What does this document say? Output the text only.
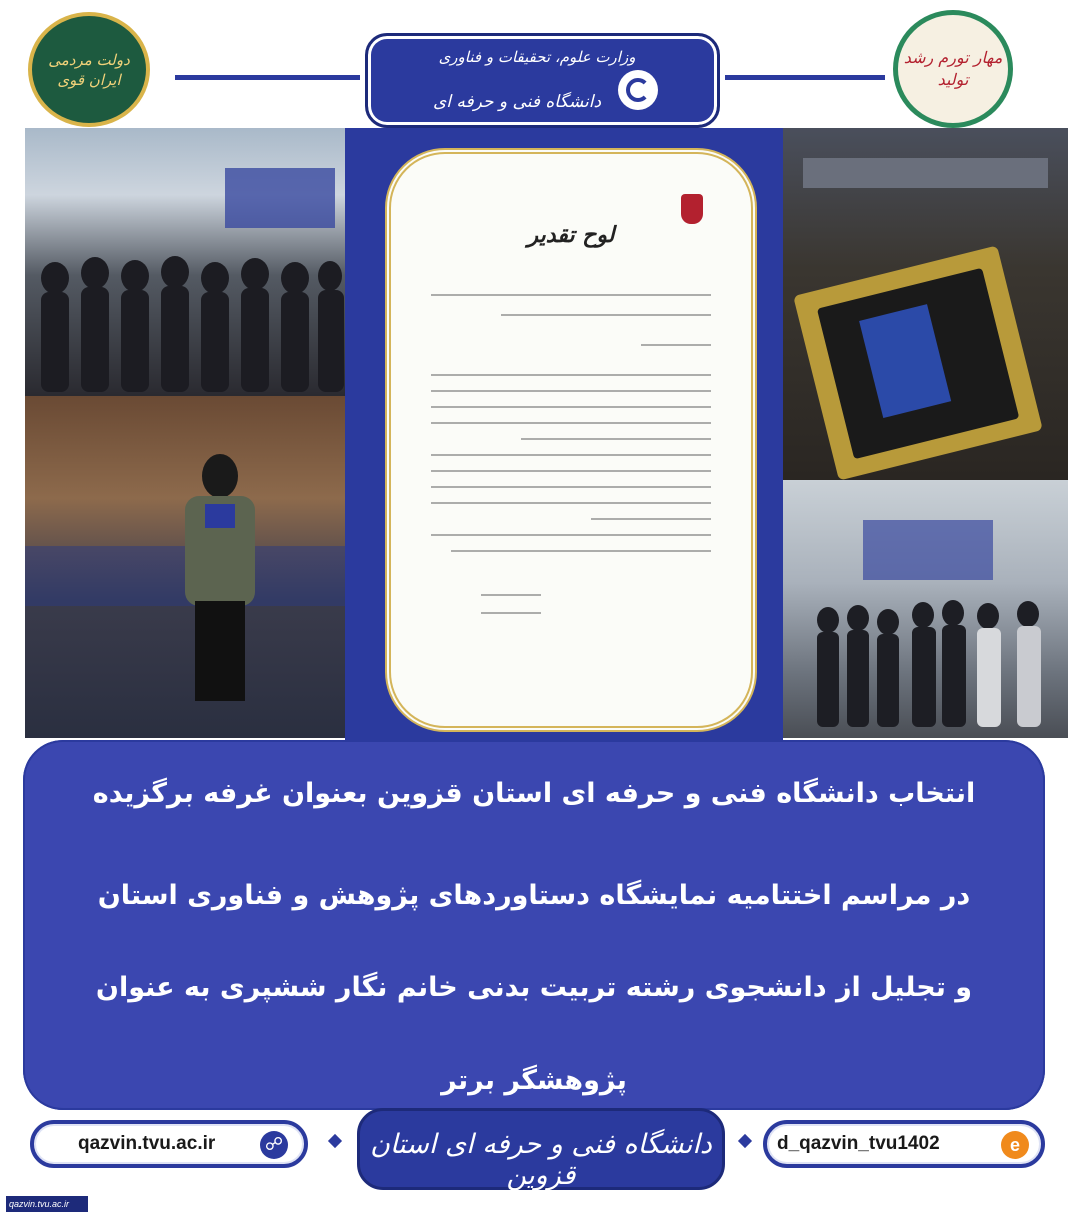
دولت مردمی ایران قوی
وزارت علوم، تحقیقات و فناوری
دانشگاه فنی و حرفه ای
مهار تورم رشد تولید
لوح تقدیر
انتخاب دانشگاه فنی و حرفه ای استان قزوین بعنوان غرفه برگزیده
در مراسم اختتامیه نمایشگاه دستاوردهای پژوهش و فناوری استان
و تجلیل از دانشجوی رشته تربیت بدنی خانم نگار ششپری به عنوان
پژوهشگر برتر
qazvin.tvu.ac.ir	☍	دانشگاه فنی و حرفه ای استان قزوین
d_qazvin_tvu1402	e
qazvin.tvu.ac.ir
